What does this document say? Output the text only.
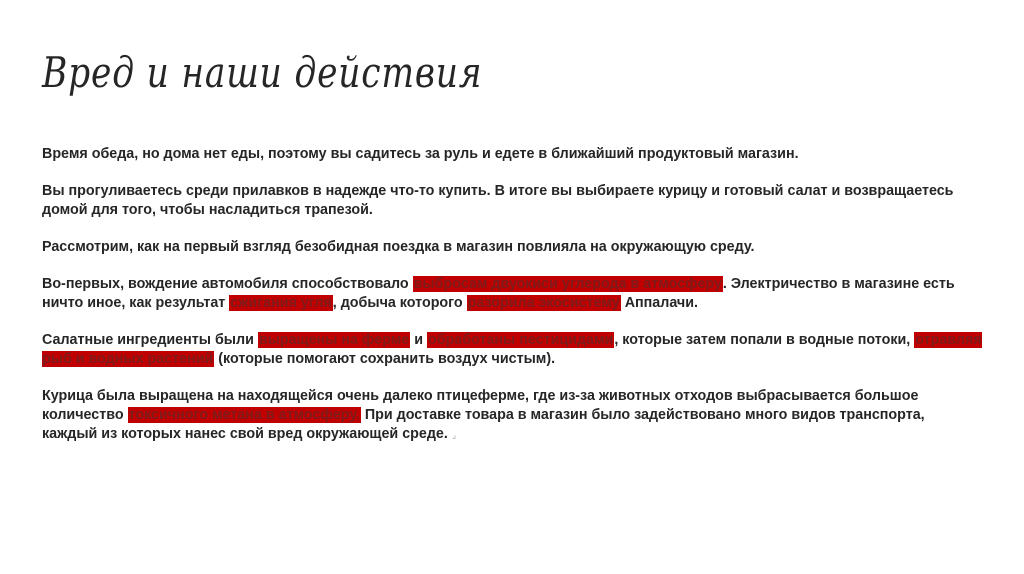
Вред и наши действия

Время обеда, но дома нет еды, поэтому вы садитесь за руль и едете в ближайший продуктовый магазин.

Вы прогуливаетесь среди прилавков в надежде что-то купить. В итоге вы выбираете курицу и готовый салат и возвращаетесь домой для того, чтобы насладиться трапезой.

Рассмотрим, как на первый взгляд безобидная поездка в магазин повлияла на окружающую среду.

Во-первых, вождение автомобиля способствовало выбросам двуокиси углерода в атмосферу. Электричество в магазине есть ничто иное, как результат сжигания угля, добыча которого разорила экосистему Аппалачи.

Салатные ингредиенты были выращены на ферме и обработаны пестицидами, которые затем попали в водные потоки, отравляя рыб и водных растений (которые помогают сохранить воздух чистым).

Курица была выращена на находящейся очень далеко птицеферме, где из-за животных отходов выбрасывается большое количество токсичного метана в атмосферу. При доставке товара в магазин было задействовано много видов транспорта, каждый из которых нанес свой вред окружающей среде. ⌟
